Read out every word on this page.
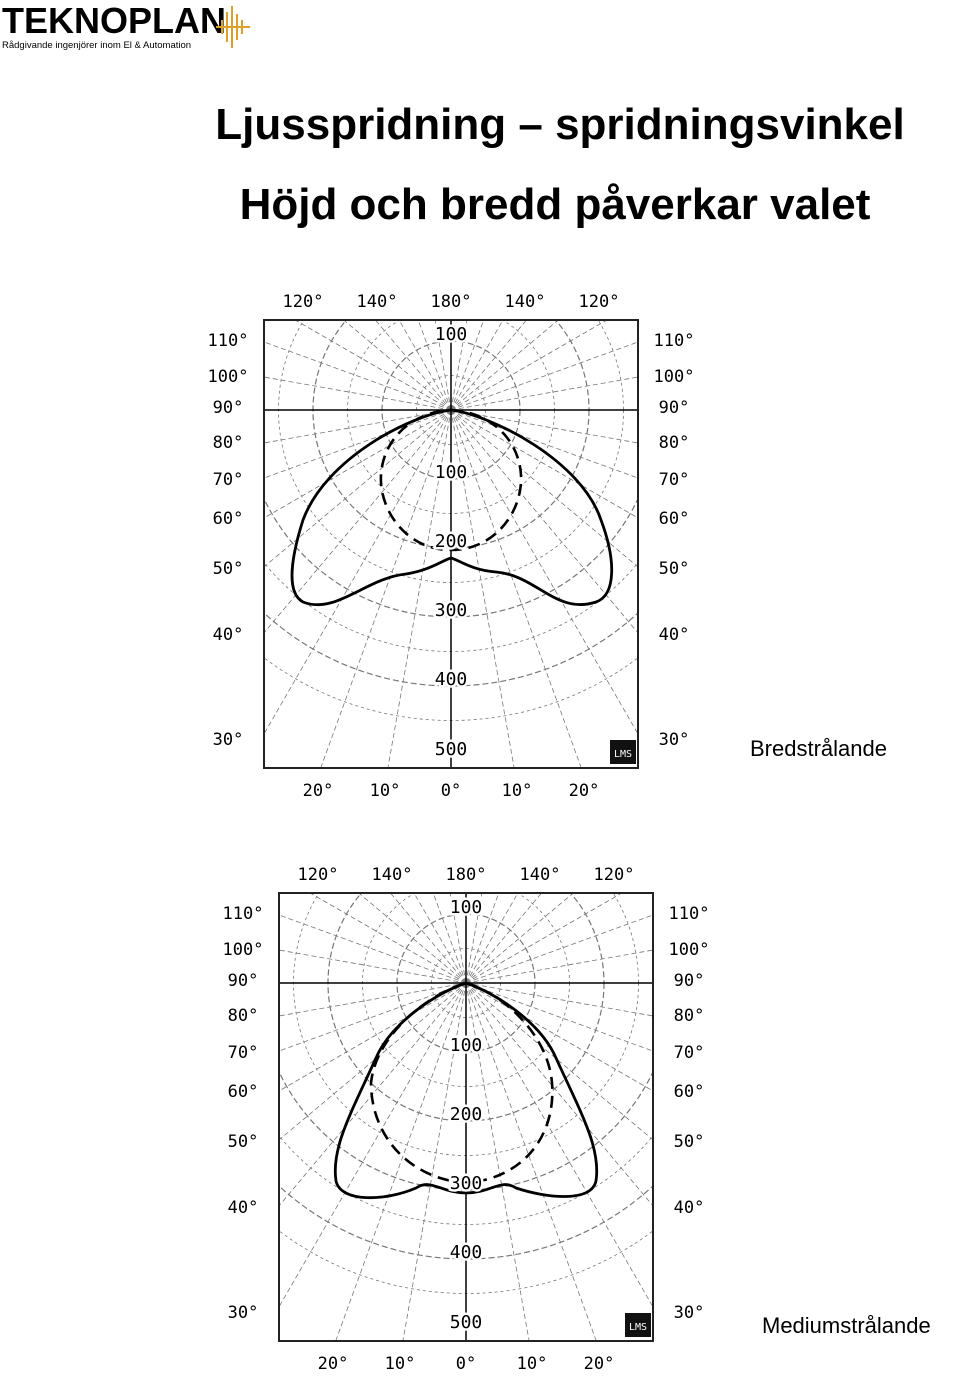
TEKNOPLAN
Rådgivande ingenjörer inom El & Automation
Ljusspridning – spridningsvinkel
Höjd och bredd påverkar valet
100
100
200
300
400
500
120° 140° 180° 140° 120°
20° 10° 0° 10° 20°
110°
100°
90°
80°
70°
60°
50°
40°
30°
110°
100°
90°
80°
70°
60°
50°
40°
30°
LMS	Bredstrålande
100
100
200
300
400
500
120° 140° 180° 140° 120°
20° 10° 0° 10° 20°
110°
100°
90°
80°
70°
60°
50°
40°
30°
110°
100°
90°
80°
70°
60°
50°
40°
30°
LMS	Mediumstrålande
